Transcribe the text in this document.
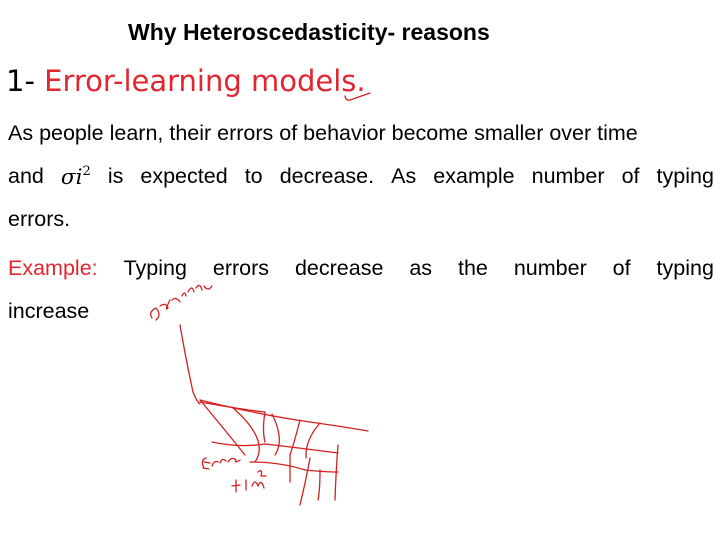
Why Heteroscedasticity- reasons
1- Error-learning models.
As people learn, their errors of behavior become smaller over time
and $\sigma i^2$ is expected to decrease. As example number of typing
errors.
Example: Typing errors decrease as the number of typing
increase
